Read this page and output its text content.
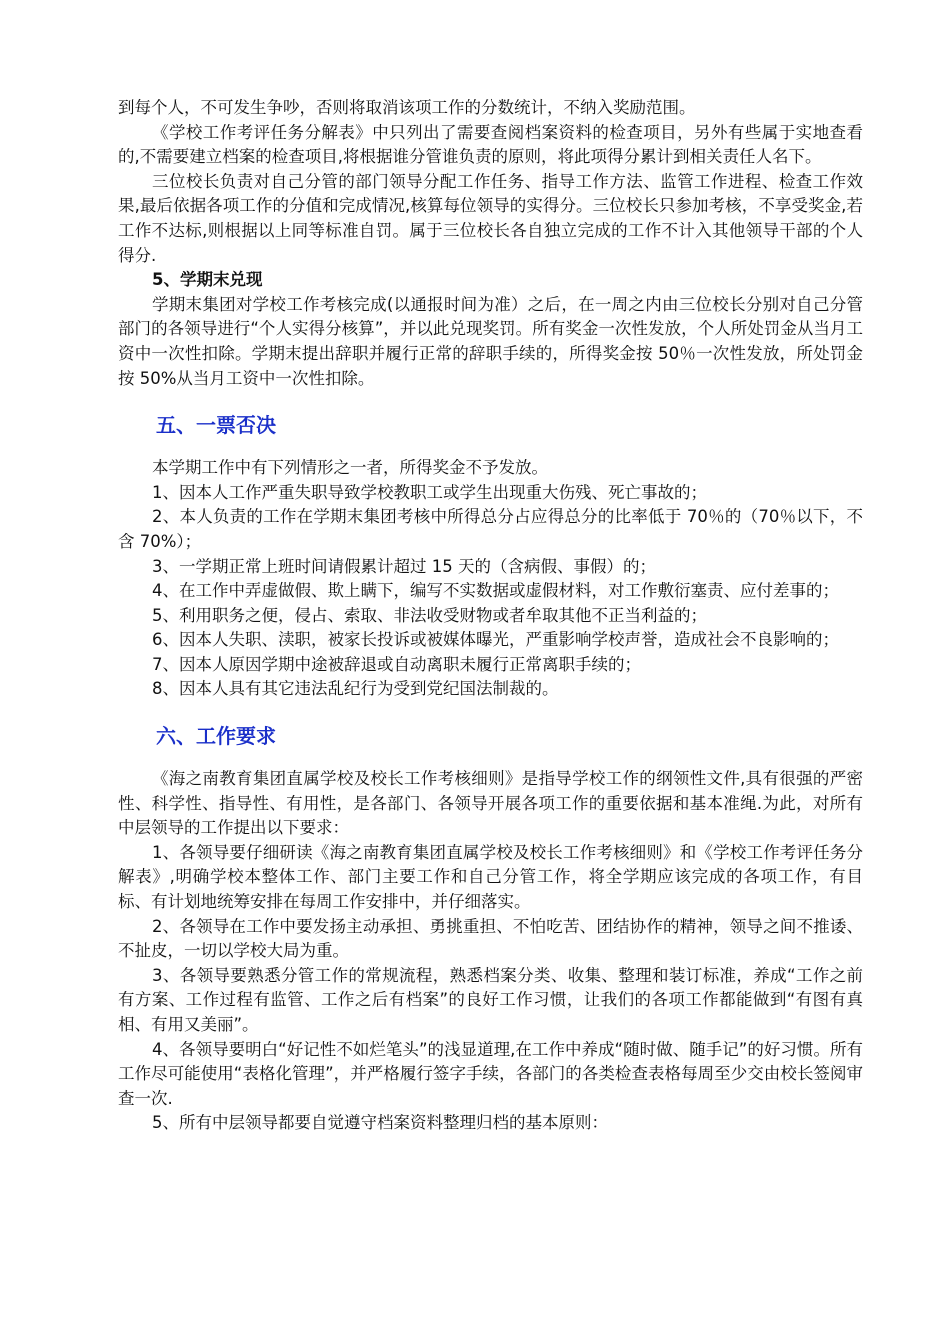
到每个人，不可发生争吵，否则将取消该项工作的分数统计，不纳入奖励范围。

《学校工作考评任务分解表》中只列出了需要查阅档案资料的检查项目，另外有些属于实地查看的,不需要建立档案的检查项目,将根据谁分管谁负责的原则，将此项得分累计到相关责任人名下。

三位校长负责对自己分管的部门领导分配工作任务、指导工作方法、监管工作进程、检查工作效果,最后依据各项工作的分值和完成情况,核算每位领导的实得分。三位校长只参加考核，不享受奖金,若工作不达标,则根据以上同等标准自罚。属于三位校长各自独立完成的工作不计入其他领导干部的个人得分.

5、学期末兑现

学期末集团对学校工作考核完成(以通报时间为准）之后，在一周之内由三位校长分别对自己分管部门的各领导进行“个人实得分核算”，并以此兑现奖罚。所有奖金一次性发放，个人所处罚金从当月工资中一次性扣除。学期末提出辞职并履行正常的辞职手续的，所得奖金按 50％一次性发放，所处罚金按 50%从当月工资中一次性扣除。

五、一票否决

本学期工作中有下列情形之一者，所得奖金不予发放。

1、因本人工作严重失职导致学校教职工或学生出现重大伤残、死亡事故的；

2、本人负责的工作在学期末集团考核中所得总分占应得总分的比率低于 70％的（70％以下，不含 70%）；

3、一学期正常上班时间请假累计超过 15 天的（含病假、事假）的；

4、在工作中弄虚做假、欺上瞒下，编写不实数据或虚假材料，对工作敷衍塞责、应付差事的；

5、利用职务之便，侵占、索取、非法收受财物或者牟取其他不正当利益的；

6、因本人失职、渎职，被家长投诉或被媒体曝光，严重影响学校声誉，造成社会不良影响的；

7、因本人原因学期中途被辞退或自动离职未履行正常离职手续的；

8、因本人具有其它违法乱纪行为受到党纪国法制裁的。

六、工作要求

《海之南教育集团直属学校及校长工作考核细则》是指导学校工作的纲领性文件,具有很强的严密性、科学性、指导性、有用性，是各部门、各领导开展各项工作的重要依据和基本准绳.为此，对所有中层领导的工作提出以下要求：

1、各领导要仔细研读《海之南教育集团直属学校及校长工作考核细则》和《学校工作考评任务分解表》,明确学校本整体工作、部门主要工作和自己分管工作，将全学期应该完成的各项工作，有目标、有计划地统筹安排在每周工作安排中，并仔细落实。

2、各领导在工作中要发扬主动承担、勇挑重担、不怕吃苦、团结协作的精神，领导之间不推诿、不扯皮，一切以学校大局为重。

3、各领导要熟悉分管工作的常规流程，熟悉档案分类、收集、整理和装订标准，养成“工作之前有方案、工作过程有监管、工作之后有档案”的良好工作习惯，让我们的各项工作都能做到“有图有真相、有用又美丽”。

4、各领导要明白“好记性不如烂笔头”的浅显道理,在工作中养成“随时做、随手记”的好习惯。所有工作尽可能使用“表格化管理”，并严格履行签字手续，各部门的各类检查表格每周至少交由校长签阅审查一次.

5、所有中层领导都要自觉遵守档案资料整理归档的基本原则：
